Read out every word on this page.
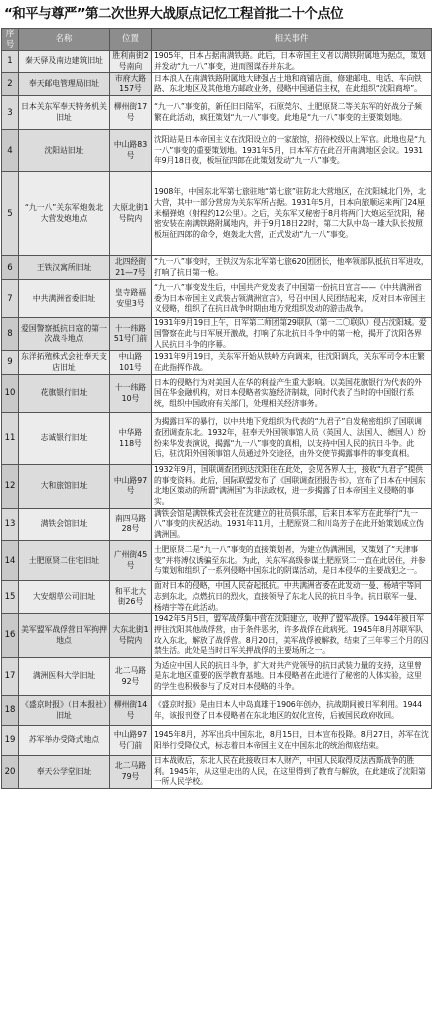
“和平与尊严”第二次世界大战原点记忆工程首批二十个点位
序号	名称	位置	相关事件
1	秦天驿及南边建筑旧址	胜利南街2号南向	1905年，日本占据南满铁路。此后，日本帝国主义者以满铁附属地为据点，策划并发动“九一八”事变，进而图谋吞并东北。
2	奉天邮电管理局旧址	市府大路157号	日本浪人在南满铁路附属地大肆强占土地和商铺店面，修建邮电、电话、车向铁路、东北地区及其他地方邮政业务，侵略中国通信主权，在此组织“沈阳商埠”。
3	日本关东军奉天特务机关旧址	柳州街17号	“九一八”事变前，新任旧日陆军，石原莞尔、土肥原贤二等关东军的好战分子频繁在此活动，疯狂策划“九一八”事变。此地是“九一八”事变的主要策划地。
4	沈阳站旧址	中山路83号	沈阳站是日本帝国主义在沈阳设立的一家旅馆，招待校级以上军官。此地也是“九一八”事变的重要策划地。1931年5月，日本军方在此召开南满地区会议。1931年9月18日夜，板垣征四郎在此策划发动“九一八”事变。
5	“九一八”关东军炮轰北大营发炮地点	大原北街1号院内	1908年，中国东北军第七旅驻地“第七旅”驻防北大营地区，在沈阳城北门外，北大营，其中一部分营房为关东军所占据。1931年5月，日本向旅顺运来两门24厘米榴弹炮（射程约12公里）。之后，关东军又秘密于8月将两门大炮运至沈阳，秘密安装在南满铁路附属地内，并于9月18日22时，第二大队中岛一雄大队长按照板垣征四郎的命令，炮轰北大营，正式发动“九一八”事变。
6	王铁汉寓所旧址	北四经街21—7号	“九一八”事变时，王铁汉为东北军第七旅620团团长，他率领部队抵抗日军进攻，打响了抗日第一枪。
7	中共满洲省委旧址	皇寺路福安里3号	“九一八”事变发生后，中国共产党发表了中国第一份抗日宣言——《中共满洲省委为日本帝国主义武装占领满洲宣言》，号召中国人民团结起来，反对日本帝国主义侵略，组织了在抗日战争时期由地方党组织发动的游击战争。
8	爱国警察抵抗日寇的第一次战斗地点	十一纬路51号门前	1931年9月19日上午，日军第二师团第29联队（第一二〇联队）侵占沈阳城。爱国警察在此与日军展开激战，打响了东北抗日斗争中的第一枪，揭开了沈阳各界人民抗日斗争的序幕。
9	东洋拓殖株式会社奉天支店旧址	中山路101号	1931年9月19日，关东军开始从铁岭方向调来，往沈阳调兵，关东军司令本庄繁在此指挥作战。
10	花旗银行旧址	十一纬路10号	日本的侵略行为对美国人在华的利益产生重大影响。以美国花旗银行为代表的外国在华金融机构，对日本侵略者实施经济制裁，同时代表了当时的中国银行系统，组织中国政府有关部门，处理相关经济事务。
11	志诚银行旧址	中华路118号	为揭露日军的暴行，以中共地下党组织为代表的“九君子”自发秘密组织了国联调查团调查东北。1932年，驻奉天外国领事馆人员（英国人、法国人、德国人）纷纷来华发表演说，揭露“九一八”事变的真相，以支持中国人民的抗日斗争。此后，驻沈阳外国领事馆人员通过外交途径，由外交使节揭露事件的事变真相。
12	大和旅馆旧址	中山路97号	1932年9月，国联调查团到达沈阳住在此处，会见各界人士，接收“九君子”提供的事变资料。此后，国际联盟发布了《国联调查团报告书》，宣布了日本在中国东北地区策动的所谓“满洲国”为非法政权，进一步揭露了日本帝国主义侵略的事实。
13	满铁会馆旧址	南四马路28号	满铁会馆是满铁株式会社在沈建立的社员俱乐部，后来日本军方在此举行“九一八”事变的庆祝活动。1931年11月，土肥原贤二和川岛芳子在此开始策划成立伪满洲国。
14	土肥原贤二住宅旧址	广州街45号	土肥原贤二是“九一八”事变的直接策划者，为建立伪满洲国，又策划了“天津事变”并将溥仪诱骗至东北。为此，关东军高级参谋土肥原贤二一直在此居住，并参与策划和组织了一系列侵略中国东北的阴谋活动，是日本侵华的主要战犯之一。
15	大安烟草公司旧址	和平北大街26号	面对日本的侵略，中国人民奋起抵抗。中共满洲省委在此发动一曼、杨靖宇等同志到东北，点燃抗日的烈火，直接领导了东北人民的抗日斗争。抗日联军一曼、杨靖宇等在此活动。
16	美军盟军战俘营日军拘押地点	大东北街1号院内	1942年5月5日，盟军战俘集中营在沈阳建立，收押了盟军战俘。1944年被日军押往沈阳其他战俘营，由于条件恶劣，许多战俘在此病死。1945年8月苏联军队攻入东北，解放了战俘营。8月20日，美军战俘被解救，结束了三年零三个月的囚禁生活。此处是当时日军关押战俘的主要场所之一。
17	满洲医科大学旧址	北二马路92号	为适应中国人民的抗日斗争，扩大对共产党领导的抗日武装力量的支持，这里曾是东北地区重要的医学教育基地。日本侵略者在此进行了秘密的人体实验，这里的学生也积极参与了反对日本侵略的斗争。
18	《盛京时报》（日本报社）旧址	柳州街14号	《盛京时报》是由日本人中岛真雄于1906年创办，抗战期间被日军利用。1944年，该报刊登了日本侵略者在东北地区的奴化宣传，后被国民政府收回。
19	苏军举办受降式地点	中山路97号门前	1945年8月，苏军出兵中国东北，8月15日，日本宣布投降。8月27日，苏军在沈阳举行受降仪式，标志着日本帝国主义在中国东北的统治彻底结束。
20	奉天公学堂旧址	北二马路79号	日本战败后，东北人民在此接收日本人财产，中国人民取得反法西斯战争的胜利。1945年，从这里走出的人民，在这里得到了教育与解放，在此建成了沈阳第一所人民学校。
